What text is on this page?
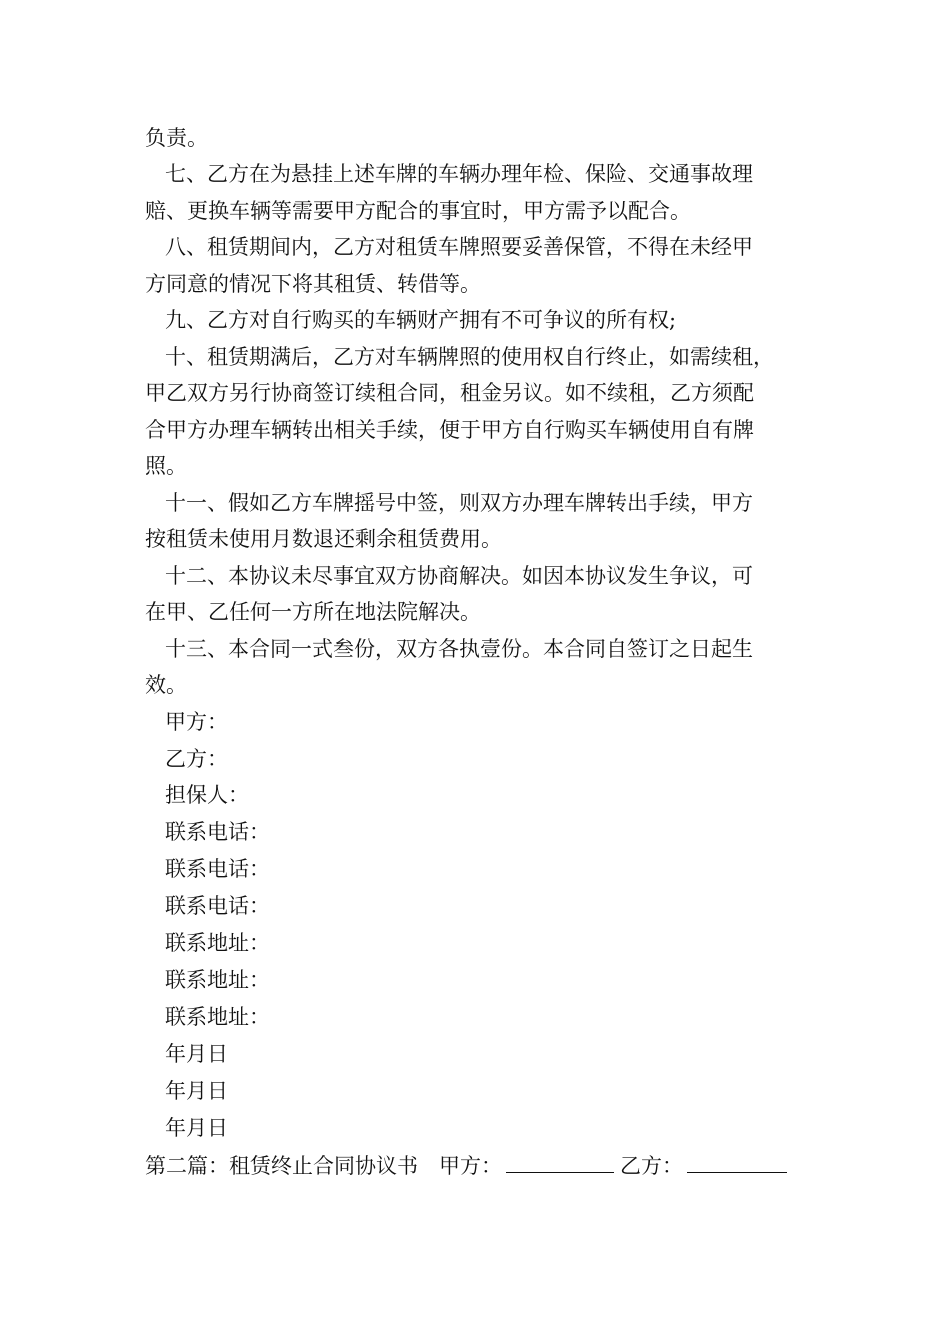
负责。
七、乙方在为悬挂上述车牌的车辆办理年检、保险、交通事故理
赔、更换车辆等需要甲方配合的事宜时，甲方需予以配合。
八、租赁期间内，乙方对租赁车牌照要妥善保管，不得在未经甲
方同意的情况下将其租赁、转借等。
九、乙方对自行购买的车辆财产拥有不可争议的所有权;
十、租赁期满后，乙方对车辆牌照的使用权自行终止，如需续租，
甲乙双方另行协商签订续租合同，租金另议。如不续租，乙方须配
合甲方办理车辆转出相关手续，便于甲方自行购买车辆使用自有牌
照。
十一、假如乙方车牌摇号中签，则双方办理车牌转出手续，甲方
按租赁未使用月数退还剩余租赁费用。
十二、本协议未尽事宜双方协商解决。如因本协议发生争议，可
在甲、乙任何一方所在地法院解决。
十三、本合同一式叁份，双方各执壹份。本合同自签订之日起生
效。
甲方：
乙方：
担保人：
联系电话：
联系电话：
联系电话：
联系地址：
联系地址：
联系地址：
年月日
年月日
年月日
第二篇：租赁终止合同协议书　甲方：	乙方：
